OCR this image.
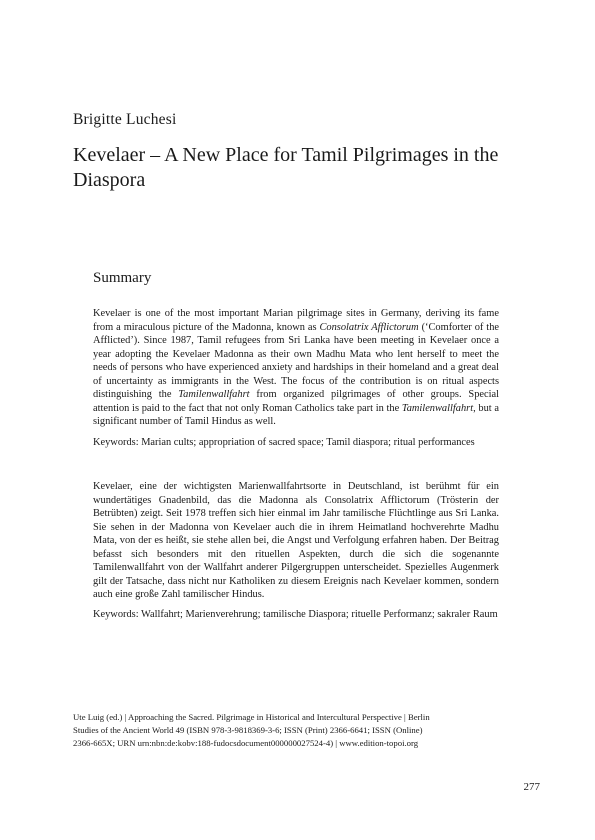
Brigitte Luchesi
Kevelaer – A New Place for Tamil Pilgrimages in the Diaspora
Summary

Kevelaer is one of the most important Marian pilgrimage sites in Germany, deriving its fame from a miraculous picture of the Madonna, known as Consolatrix Afflictorum (‘Comforter of the Afflicted’). Since 1987, Tamil refugees from Sri Lanka have been meeting in Kevelaer once a year adopting the Kevelaer Madonna as their own Madhu Mata who lent herself to meet the needs of persons who have experienced anxiety and hardships in their homeland and a great deal of uncertainty as immigrants in the West. The focus of the contribution is on ritual aspects distinguishing the Tamilenwallfahrt from organized pilgrimages of other groups. Special attention is paid to the fact that not only Roman Catholics take part in the Tamilenwallfahrt, but a significant number of Tamil Hindus as well.

Keywords: Marian cults; appropriation of sacred space; Tamil diaspora; ritual performances

Kevelaer, eine der wichtigsten Marienwallfahrtsorte in Deutschland, ist berühmt für ein wundertätiges Gnadenbild, das die Madonna als Consolatrix Afflictorum (Trösterin der Betrübten) zeigt. Seit 1978 treffen sich hier einmal im Jahr tamilische Flüchtlinge aus Sri Lanka. Sie sehen in der Madonna von Kevelaer auch die in ihrem Heimatland hochverehrte Madhu Mata, von der es heißt, sie stehe allen bei, die Angst und Verfolgung erfahren haben. Der Beitrag befasst sich besonders mit den rituellen Aspekten, durch die sich die sogenannte Tamilenwallfahrt von der Wallfahrt anderer Pilgergruppen unterscheidet. Spezielles Augenmerk gilt der Tatsache, dass nicht nur Katholiken zu diesem Ereignis nach Kevelaer kommen, sondern auch eine große Zahl tamilischer Hindus.

Keywords: Wallfahrt; Marienverehrung; tamilische Diaspora; rituelle Performanz; sakraler Raum

Ute Luig (ed.) | Approaching the Sacred. Pilgrimage in Historical and Intercultural Perspective | Berlin Studies of the Ancient World 49 (ISBN 978-3-9818369-3-6; ISSN (Print) 2366-6641; ISSN (Online) 2366-665X; URN urn:nbn:de:kobv:188-fudocsdocument000000027524-4) | www.edition-topoi.org
277
